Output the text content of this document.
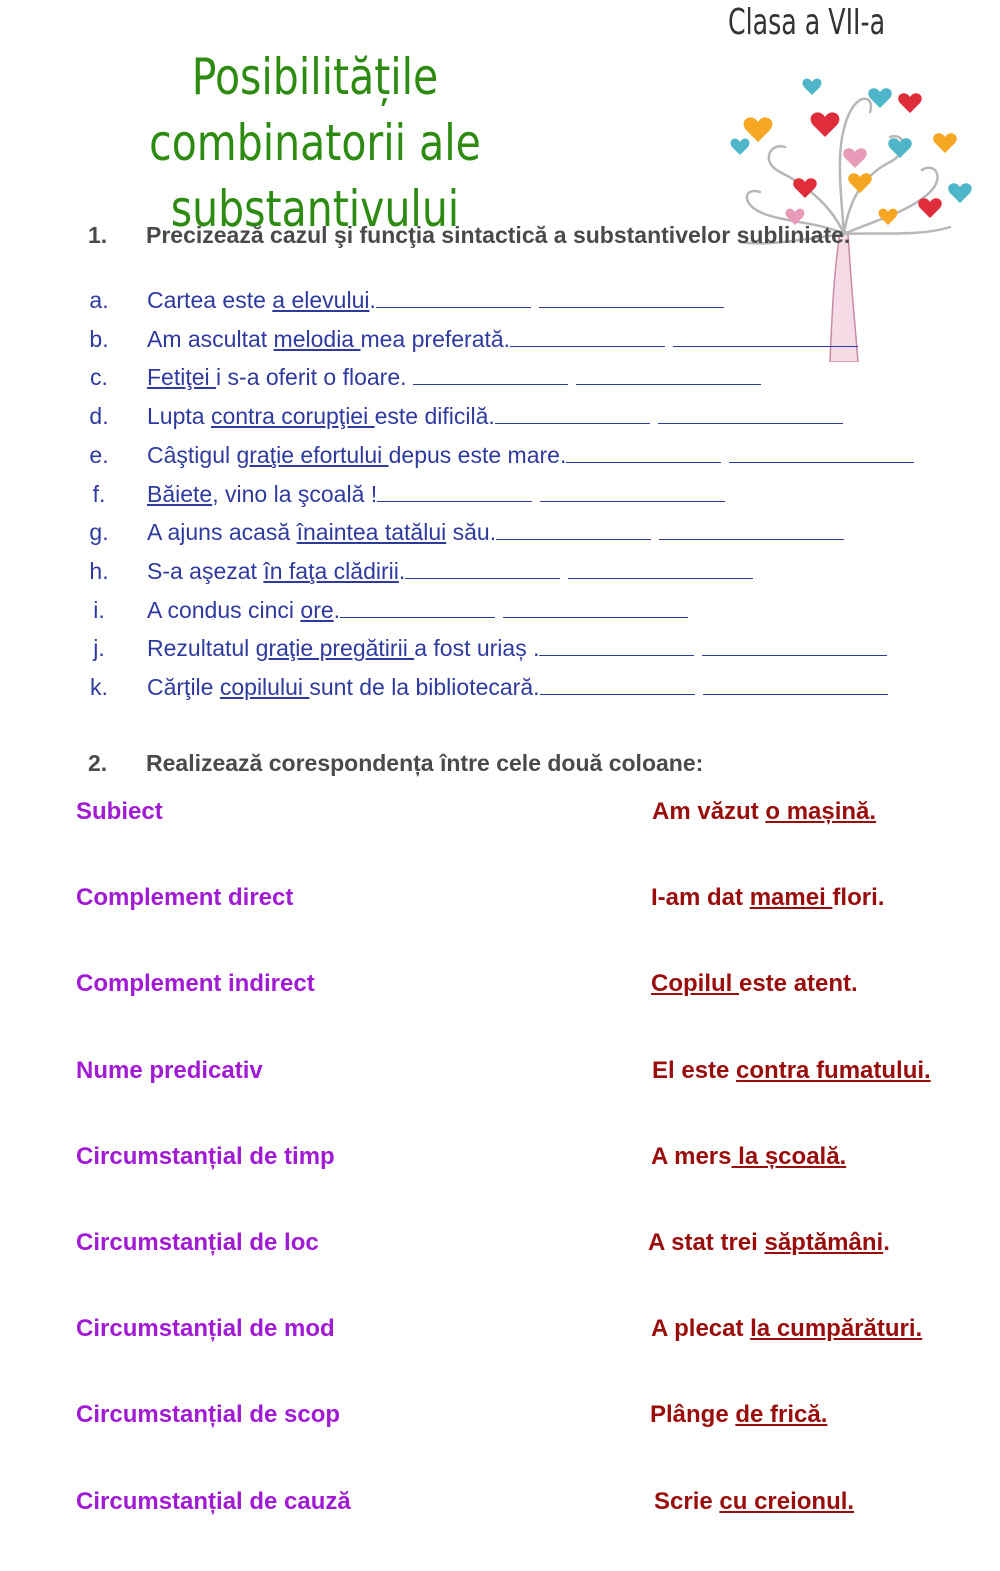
Clasa a VII-a
Posibilitățile combinatorii ale
substantivului
1. Precizează cazul şi funcţia sintactică a substantivelor subliniate.
a. Cartea este a elevului.
b. Am ascultat melodia mea preferată.
c. Fetiţei i s-a oferit o floare.
d. Lupta contra corupţiei este dificilă.
e. Câştigul graţie efortului depus este mare.
f.	Băiete, vino la şcoală !
g. A ajuns acasă înaintea tatălui său.
h. S-a aşezat în faţa clădirii.
i.	A condus cinci ore.
j.	Rezultatul graţie pregătirii a fost uriaș .
k. Cărţile copilului sunt de la bibliotecară.
2. Realizează corespondența între cele două coloane:
Subiect
Complement direct
Complement indirect
Nume predicativ
Circumstanțial de timp
Circumstanțial de loc
Circumstanțial de mod
Circumstanțial de scop
Circumstanțial de cauză
Am văzut o mașină.
I-am dat mamei flori.
Copilul este atent.
El este contra fumatului.
A mers la școală.
A stat trei săptămâni.
A plecat la cumpărături.
Plânge de frică.
Scrie cu creionul.
